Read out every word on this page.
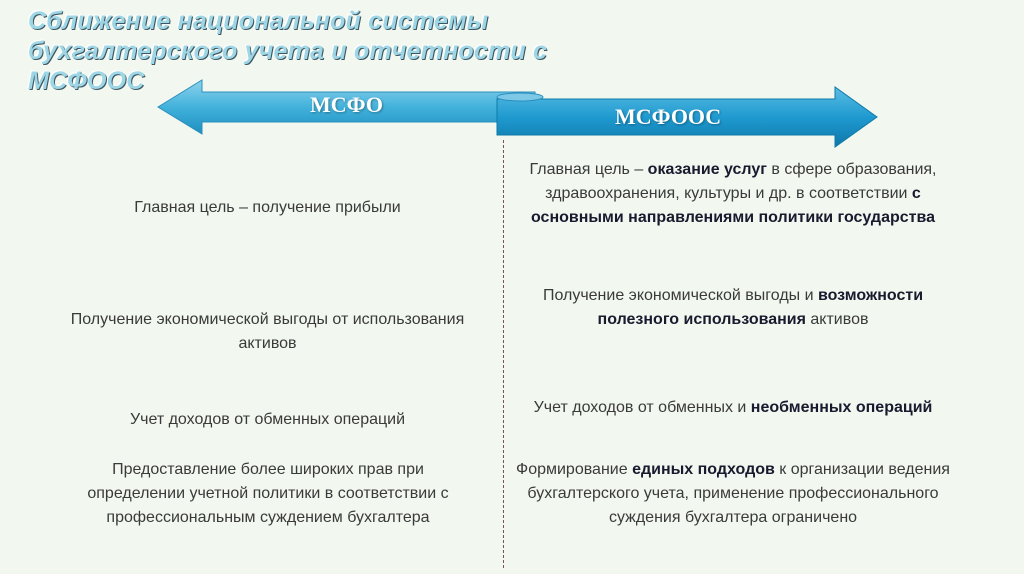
Сближение национальной системы бухгалтерского учета и отчетности с МСФООС
МСФО	МСФООС
Главная цель – получение прибыли
Главная цель – оказание услуг в сфере образования, здравоохранения, культуры и др. в соответствии с основными направлениями политики государства
Получение экономической выгоды от использования активов
Получение экономической выгоды и возможности полезного использования активов
Учет доходов от обменных операций
Учет доходов от обменных и необменных операций
Предоставление более широких прав при определении учетной политики в соответствии с профессиональным суждением бухгалтера
Формирование единых подходов к организации ведения бухгалтерского учета, применение профессионального суждения бухгалтера ограничено
